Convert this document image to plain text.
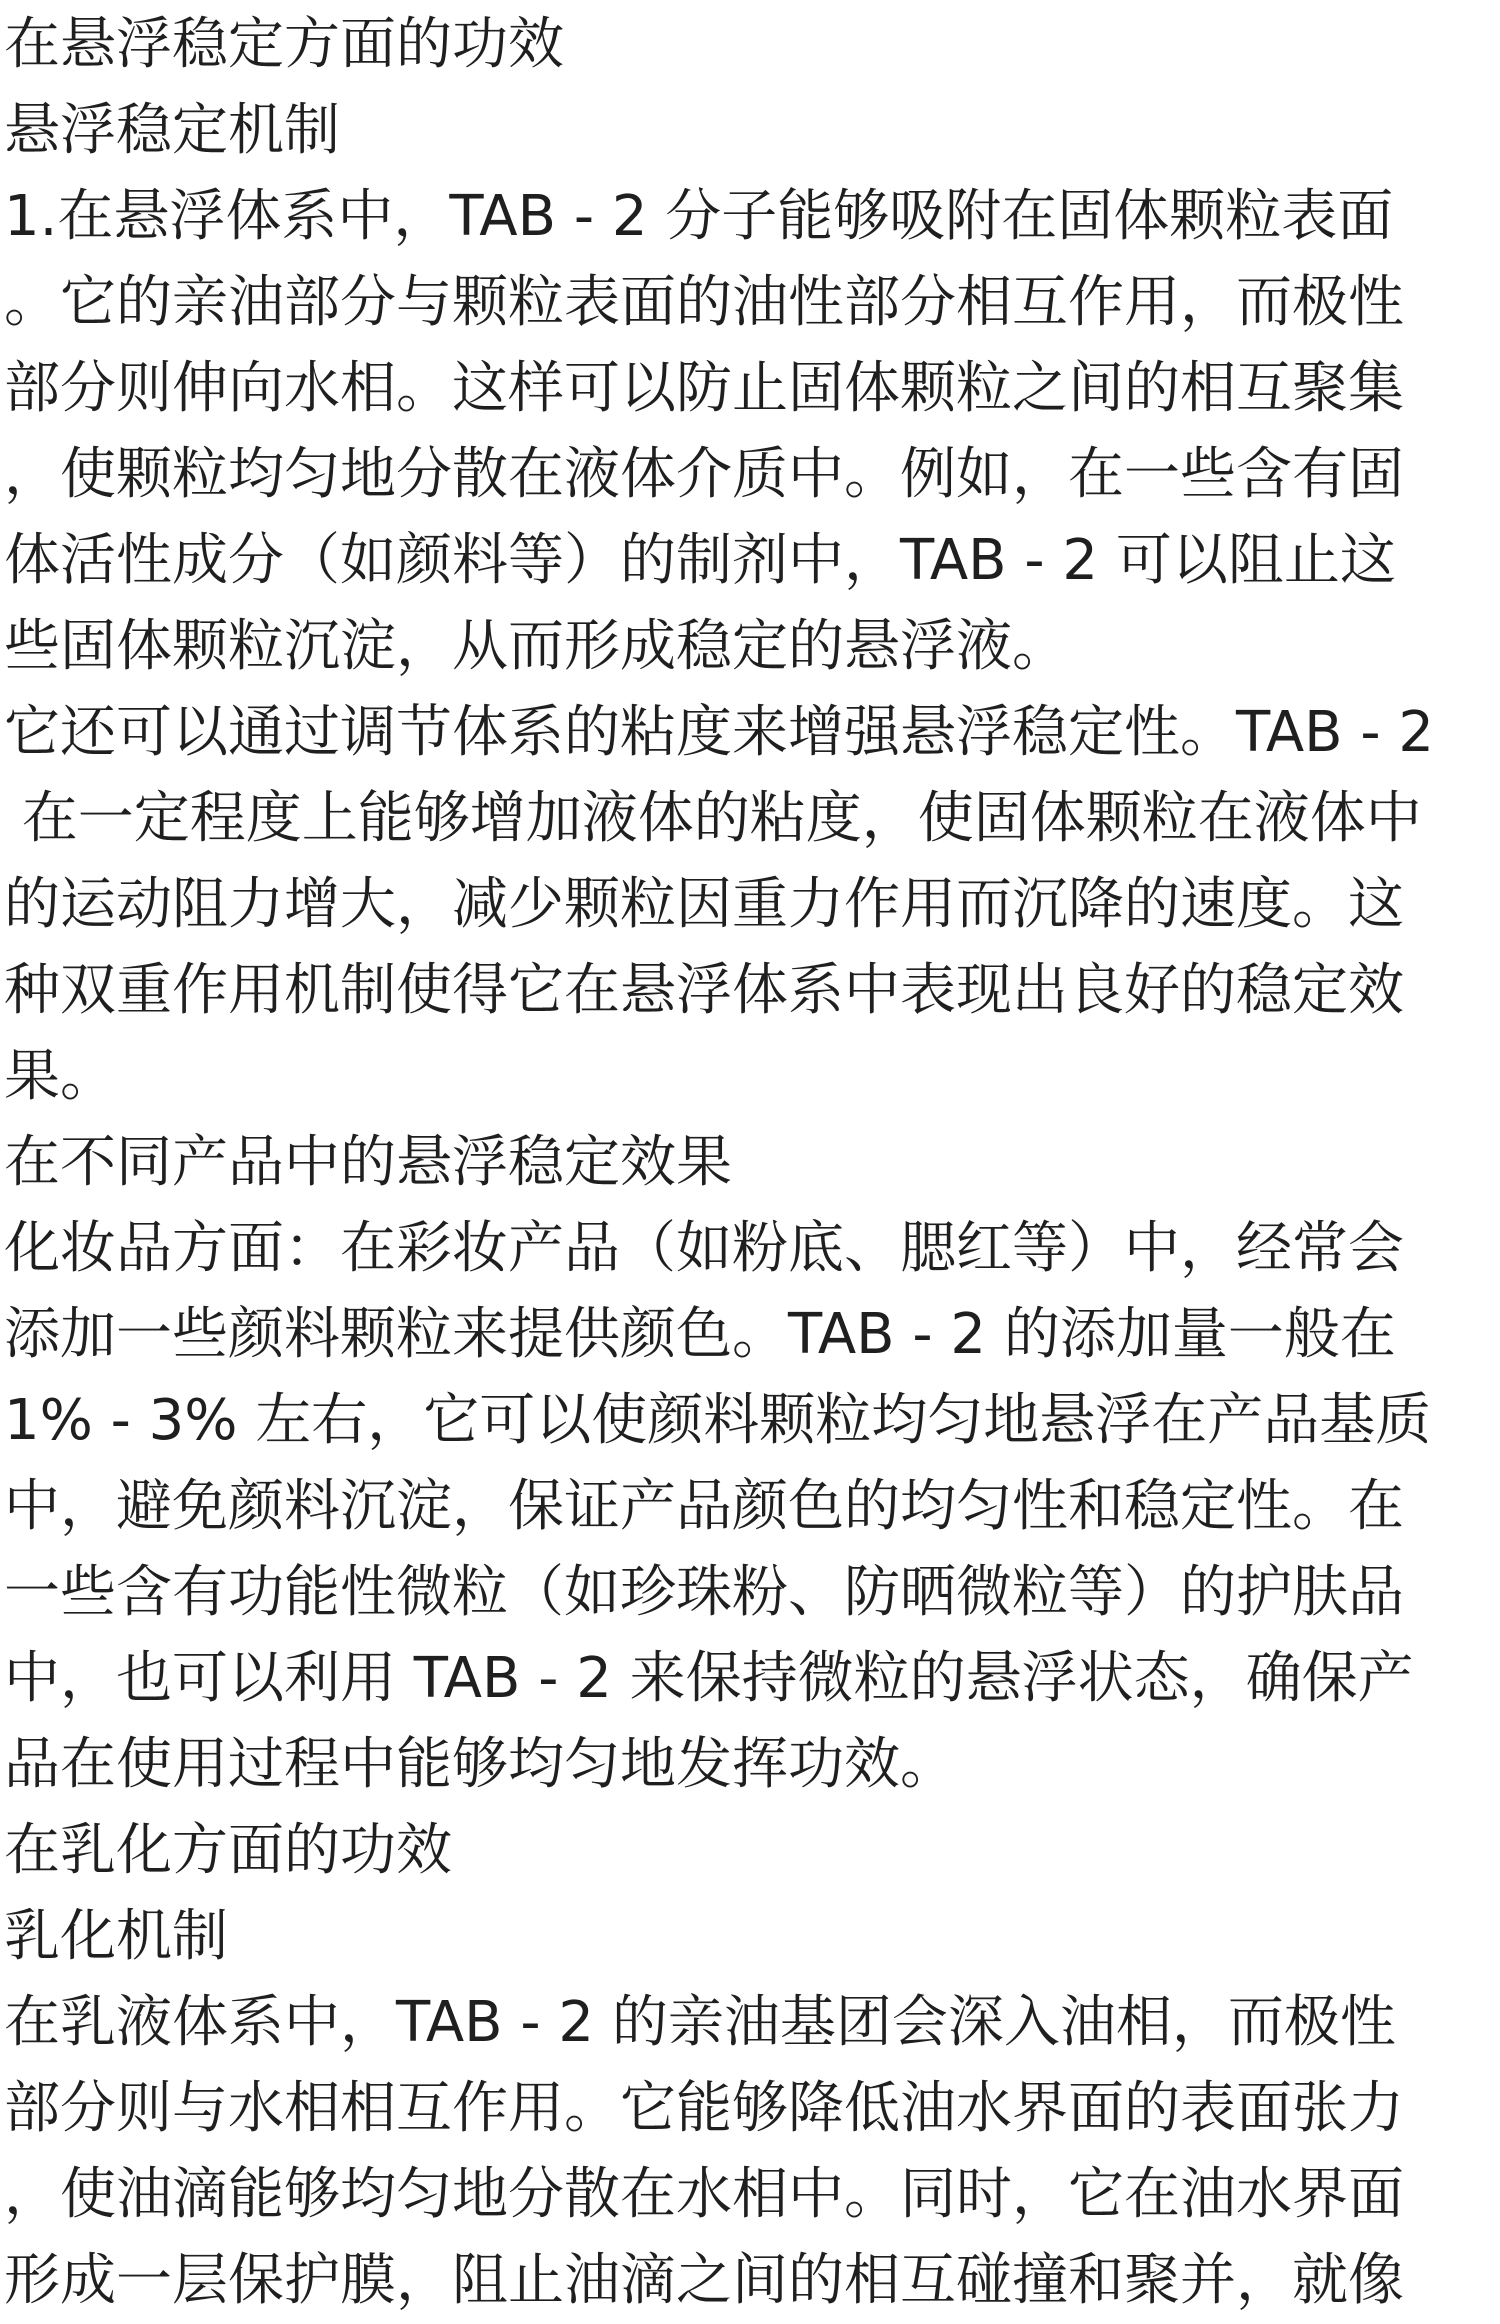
在悬浮稳定方面的功效
悬浮稳定机制
1.在悬浮体系中，TAB - 2 分子能够吸附在固体颗粒表面
。它的亲油部分与颗粒表面的油性部分相互作用，而极性
部分则伸向水相。这样可以防止固体颗粒之间的相互聚集
，使颗粒均匀地分散在液体介质中。例如，在一些含有固
体活性成分（如颜料等）的制剂中，TAB - 2 可以阻止这
些固体颗粒沉淀，从而形成稳定的悬浮液。
它还可以通过调节体系的粘度来增强悬浮稳定性。TAB - 2
在一定程度上能够增加液体的粘度，使固体颗粒在液体中
的运动阻力增大，减少颗粒因重力作用而沉降的速度。这
种双重作用机制使得它在悬浮体系中表现出良好的稳定效
果。
在不同产品中的悬浮稳定效果
化妆品方面：在彩妆产品（如粉底、腮红等）中，经常会
添加一些颜料颗粒来提供颜色。TAB - 2 的添加量一般在
1% - 3% 左右，它可以使颜料颗粒均匀地悬浮在产品基质
中，避免颜料沉淀，保证产品颜色的均匀性和稳定性。在
一些含有功能性微粒（如珍珠粉、防晒微粒等）的护肤品
中，也可以利用 TAB - 2 来保持微粒的悬浮状态，确保产
品在使用过程中能够均匀地发挥功效。
在乳化方面的功效
乳化机制
在乳液体系中，TAB - 2 的亲油基团会深入油相，而极性
部分则与水相相互作用。它能够降低油水界面的表面张力
，使油滴能够均匀地分散在水相中。同时，它在油水界面
形成一层保护膜，阻止油滴之间的相互碰撞和聚并，就像
